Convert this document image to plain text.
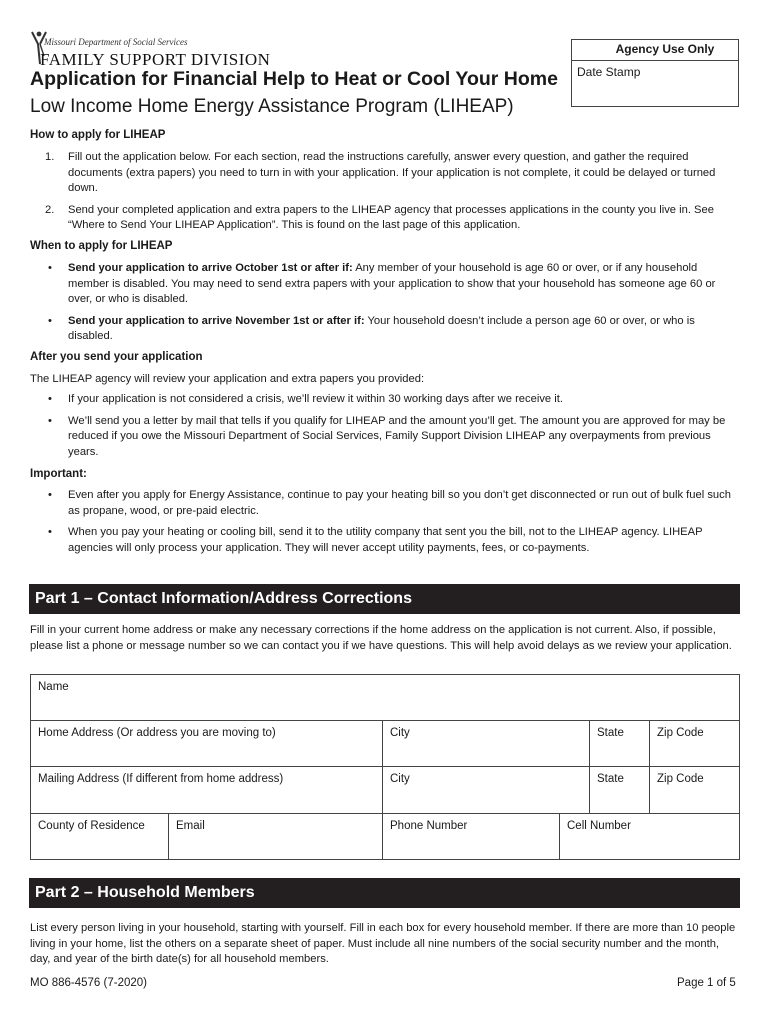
Missouri Department of Social Services
FAMILY SUPPORT DIVISION
Application for Financial Help to Heat or Cool Your Home
Low Income Home Energy Assistance Program (LIHEAP)
Agency Use Only
Date Stamp
How to apply for LIHEAP
1. Fill out the application below. For each section, read the instructions carefully, answer every question, and gather the required documents (extra papers) you need to turn in with your application. If your application is not complete, it could be delayed or turned down.
2. Send your completed application and extra papers to the LIHEAP agency that processes applications in the county you live in. See “Where to Send Your LIHEAP Application”. This is found on the last page of this application.
When to apply for LIHEAP
• Send your application to arrive October 1st or after if: Any member of your household is age 60 or over, or if any household member is disabled. You may need to send extra papers with your application to show that your household has someone age 60 or over, or who is disabled.
• Send your application to arrive November 1st or after if: Your household doesn’t include a person age 60 or over, or who is disabled.
After you send your application
The LIHEAP agency will review your application and extra papers you provided:
• If your application is not considered a crisis, we’ll review it within 30 working days after we receive it.
• We’ll send you a letter by mail that tells if you qualify for LIHEAP and the amount you’ll get. The amount you are approved for may be reduced if you owe the Missouri Department of Social Services, Family Support Division LIHEAP any overpayments from previous years.
Important:
• Even after you apply for Energy Assistance, continue to pay your heating bill so you don’t get disconnected or run out of bulk fuel such as propane, wood, or pre-paid electric.
• When you pay your heating or cooling bill, send it to the utility company that sent you the bill, not to the LIHEAP agency. LIHEAP agencies will only process your application. They will never accept utility payments, fees, or co-payments.
Part 1 – Contact Information/Address Corrections
Fill in your current home address or make any necessary corrections if the home address on the application is not current. Also, if possible, please list a phone or message number so we can contact you if we have questions. This will help avoid delays as we review your application.
Name
Home Address (Or address you are moving to)	City	State	Zip Code
Mailing Address (If different from home address)	City	State	Zip Code
County of Residence	Email	Phone Number	Cell Number
Part 2 – Household Members
List every person living in your household, starting with yourself. Fill in each box for every household member. If there are more than 10 people living in your home, list the others on a separate sheet of paper. Must include all nine numbers of the social security number and the month, day, and year of the birth date(s) for all household members.
MO 886-4576 (7-2020)	Page 1 of 5
